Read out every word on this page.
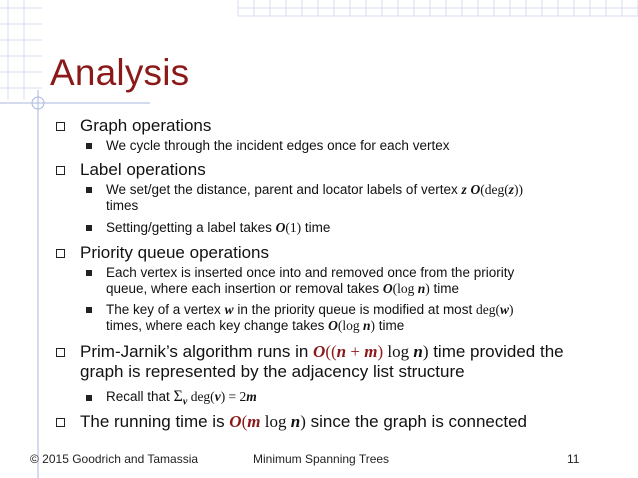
Analysis
Graph operations
We cycle through the incident edges once for each vertex
Label operations
We set/get the distance, parent and locator labels of vertex z O(deg(z))
times
Setting/getting a label takes O(1) time
Priority queue operations
Each vertex is inserted once into and removed once from the priority
queue, where each insertion or removal takes O(log n) time
The key of a vertex w in the priority queue is modified at most deg(w)
times, where each key change takes O(log n) time
Prim-Jarnik’s algorithm runs in O((n + m) log n) time provided the
graph is represented by the adjacency list structure
Recall that $\Sigma_v$ deg(v) = 2m
The running time is O(m log n) since the graph is connected
© 2015 Goodrich and Tamassia	Minimum Spanning Trees	11
